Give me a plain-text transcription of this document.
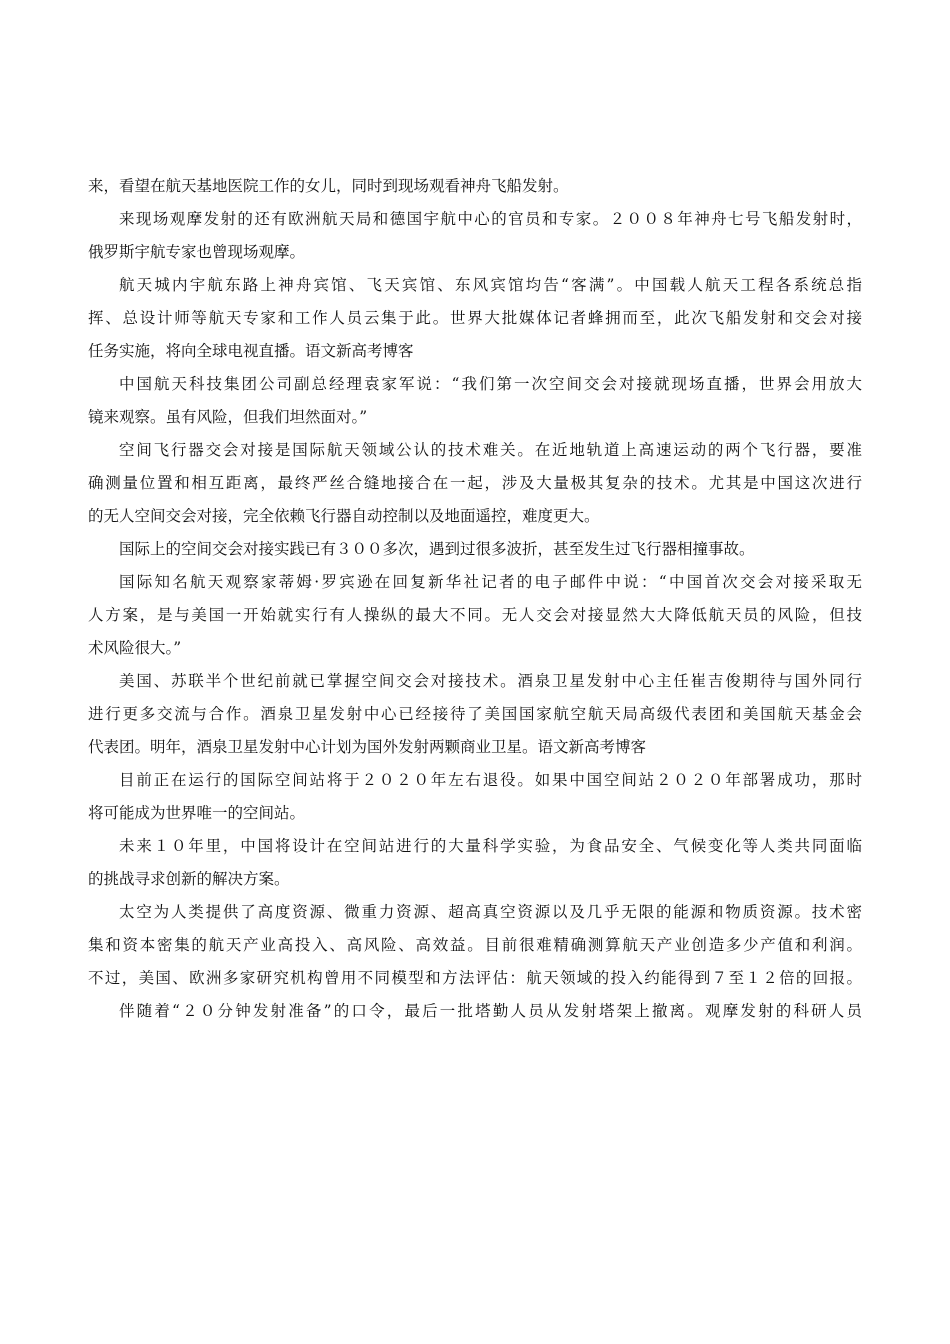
来，看望在航天基地医院工作的女儿，同时到现场观看神舟飞船发射。
来现场观摩发射的还有欧洲航天局和德国宇航中心的官员和专家。２００８年神舟七号飞船发射时，
俄罗斯宇航专家也曾现场观摩。
航天城内宇航东路上神舟宾馆、飞天宾馆、东风宾馆均告“客满”。中国载人航天工程各系统总指
挥、总设计师等航天专家和工作人员云集于此。世界大批媒体记者蜂拥而至，此次飞船发射和交会对接
任务实施，将向全球电视直播。语文新高考博客
中国航天科技集团公司副总经理袁家军说：“我们第一次空间交会对接就现场直播，世界会用放大
镜来观察。虽有风险，但我们坦然面对。”
空间飞行器交会对接是国际航天领域公认的技术难关。在近地轨道上高速运动的两个飞行器，要准
确测量位置和相互距离，最终严丝合缝地接合在一起，涉及大量极其复杂的技术。尤其是中国这次进行
的无人空间交会对接，完全依赖飞行器自动控制以及地面遥控，难度更大。
国际上的空间交会对接实践已有３００多次，遇到过很多波折，甚至发生过飞行器相撞事故。
国际知名航天观察家蒂姆·罗宾逊在回复新华社记者的电子邮件中说：“中国首次交会对接采取无
人方案，是与美国一开始就实行有人操纵的最大不同。无人交会对接显然大大降低航天员的风险，但技
术风险很大。”
美国、苏联半个世纪前就已掌握空间交会对接技术。酒泉卫星发射中心主任崔吉俊期待与国外同行
进行更多交流与合作。酒泉卫星发射中心已经接待了美国国家航空航天局高级代表团和美国航天基金会
代表团。明年，酒泉卫星发射中心计划为国外发射两颗商业卫星。语文新高考博客
目前正在运行的国际空间站将于２０２０年左右退役。如果中国空间站２０２０年部署成功，那时
将可能成为世界唯一的空间站。
未来１０年里，中国将设计在空间站进行的大量科学实验，为食品安全、气候变化等人类共同面临
的挑战寻求创新的解决方案。
太空为人类提供了高度资源、微重力资源、超高真空资源以及几乎无限的能源和物质资源。技术密
集和资本密集的航天产业高投入、高风险、高效益。目前很难精确测算航天产业创造多少产值和利润。
不过，美国、欧洲多家研究机构曾用不同模型和方法评估：航天领域的投入约能得到７至１２倍的回报。
伴随着“２０分钟发射准备”的口令，最后一批塔勤人员从发射塔架上撤离。观摩发射的科研人员
